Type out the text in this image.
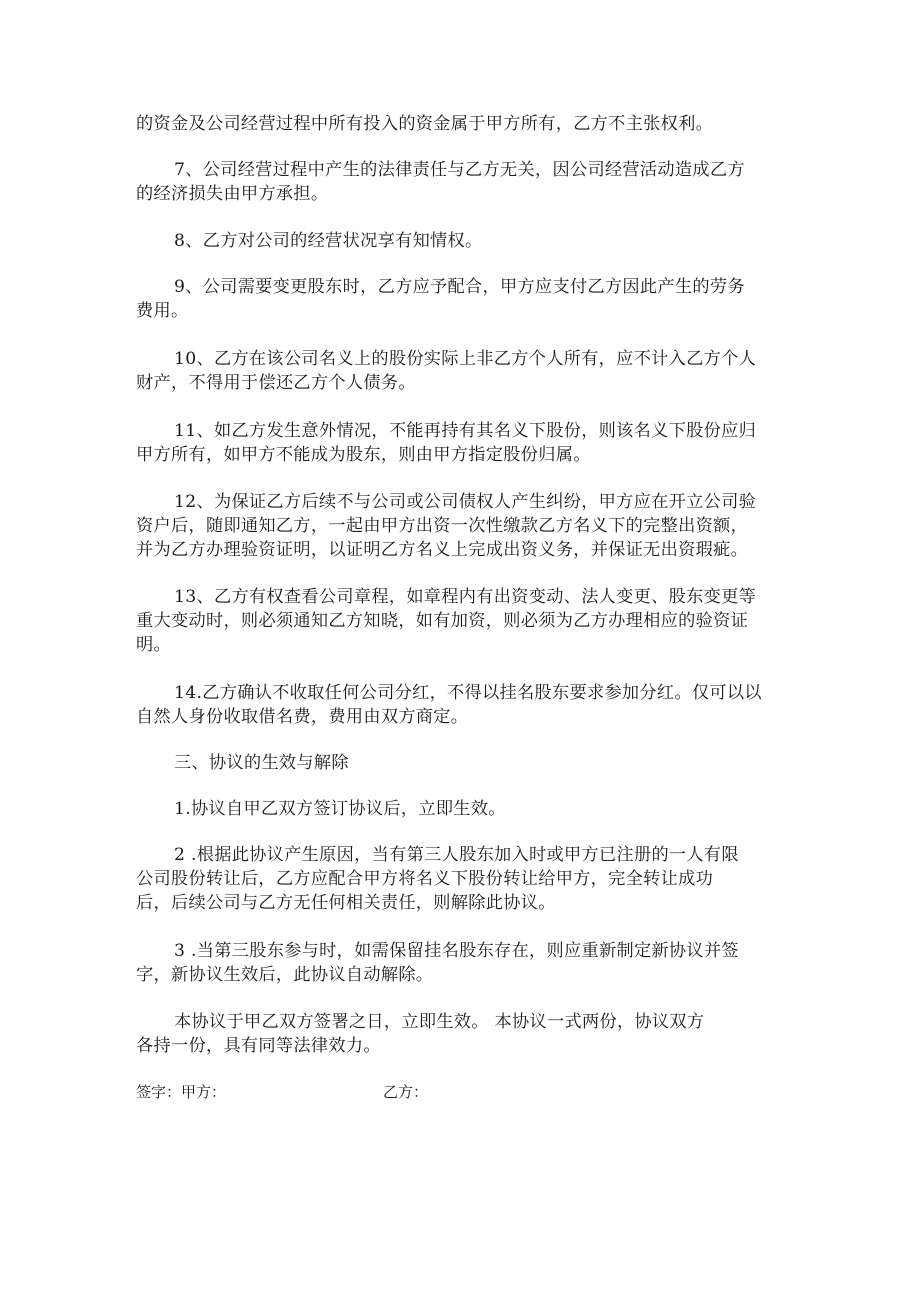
的资金及公司经营过程中所有投入的资金属于甲方所有，乙方不主张权利。
7、公司经营过程中产生的法律责任与乙方无关，因公司经营活动造成乙方
的经济损失由甲方承担。
8、乙方对公司的经营状况享有知情权。
9、公司需要变更股东时，乙方应予配合，甲方应支付乙方因此产生的劳务
费用。
10、乙方在该公司名义上的股份实际上非乙方个人所有，应不计入乙方个人
财产，不得用于偿还乙方个人债务。
11、如乙方发生意外情况，不能再持有其名义下股份，则该名义下股份应归
甲方所有，如甲方不能成为股东，则由甲方指定股份归属。
12、为保证乙方后续不与公司或公司债权人产生纠纷，甲方应在开立公司验
资户后，随即通知乙方，一起由甲方出资一次性缴款乙方名义下的完整出资额，
并为乙方办理验资证明，以证明乙方名义上完成出资义务，并保证无出资瑕疵。
13、乙方有权查看公司章程，如章程内有出资变动、法人变更、股东变更等
重大变动时，则必须通知乙方知晓，如有加资，则必须为乙方办理相应的验资证
明。
14.乙方确认不收取任何公司分红，不得以挂名股东要求参加分红。仅可以以
自然人身份收取借名费，费用由双方商定。
三、协议的生效与解除
1.协议自甲乙双方签订协议后，立即生效。
2 .根据此协议产生原因，当有第三人股东加入时或甲方已注册的一人有限
公司股份转让后，乙方应配合甲方将名义下股份转让给甲方，完全转让成功
后，后续公司与乙方无任何相关责任，则解除此协议。
3 .当第三股东参与时，如需保留挂名股东存在，则应重新制定新协议并签
字，新协议生效后，此协议自动解除。
本协议于甲乙双方签署之日，立即生效。 本协议一式两份，协议双方
各持一份，具有同等法律效力。
签字：甲方：	乙方：
